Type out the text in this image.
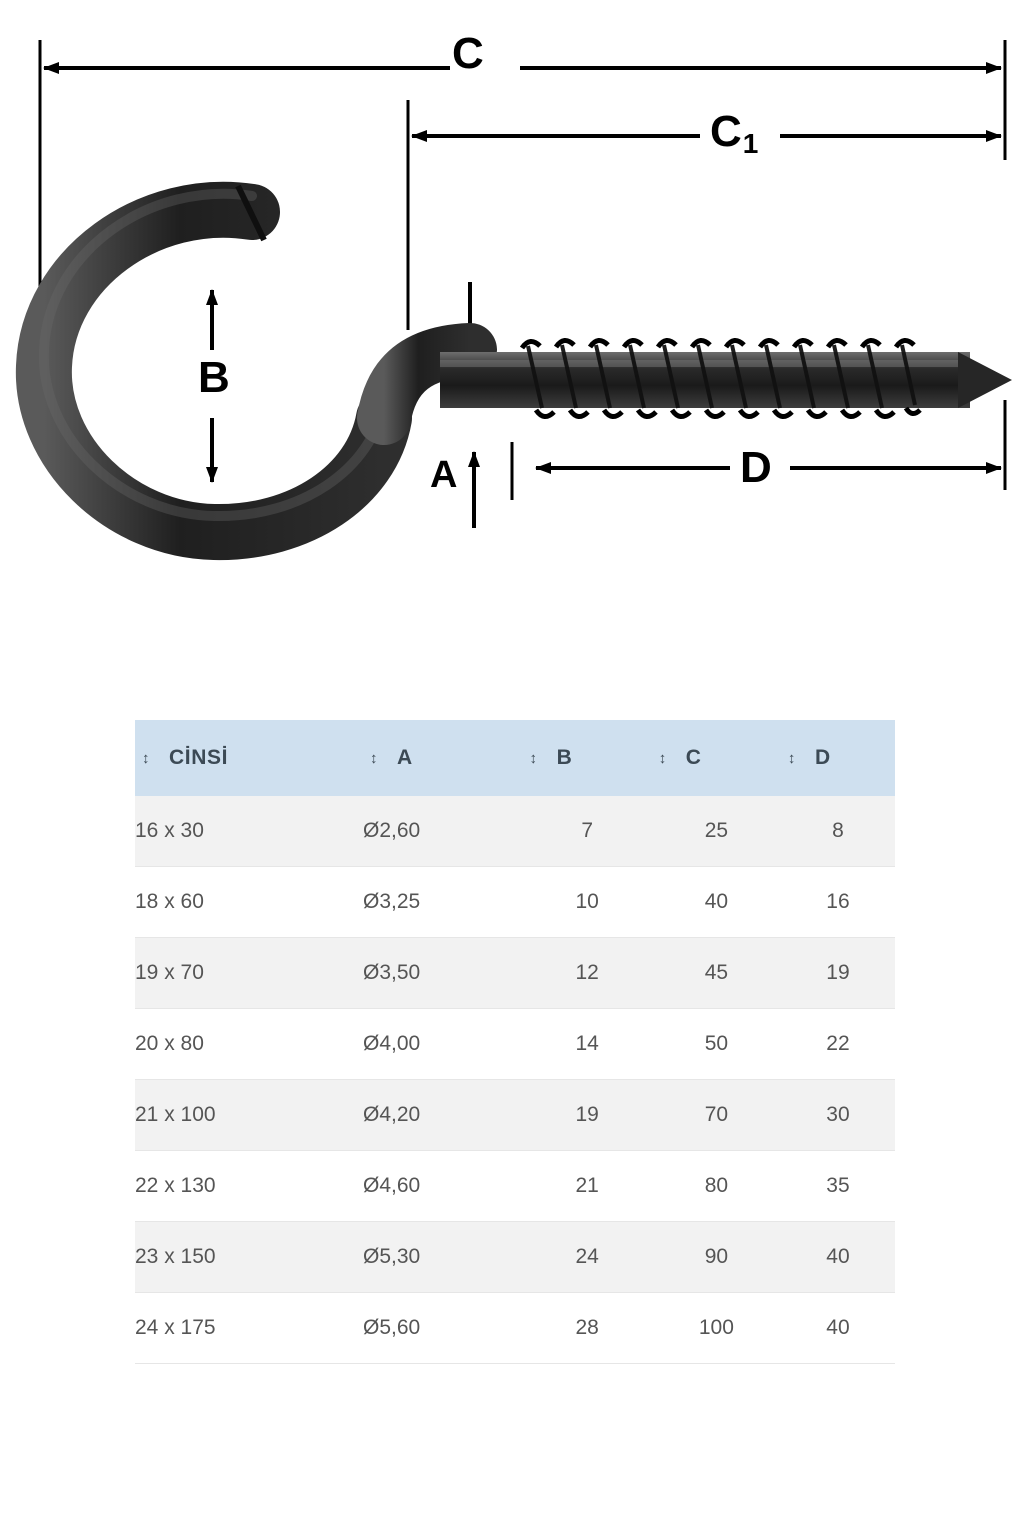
C
$C_1$
B
A	D
↕ CİNSİ	↕ A	↕ B	↕ C	↕ D

16 x 30	Ø2,60	7	25	8
18 x 60	Ø3,25	10	40	16
19 x 70	Ø3,50	12	45	19
20 x 80	Ø4,00	14	50	22
21 x 100	Ø4,20	19	70	30
22 x 130	Ø4,60	21	80	35
23 x 150	Ø5,30	24	90	40
24 x 175	Ø5,60	28	100	40
